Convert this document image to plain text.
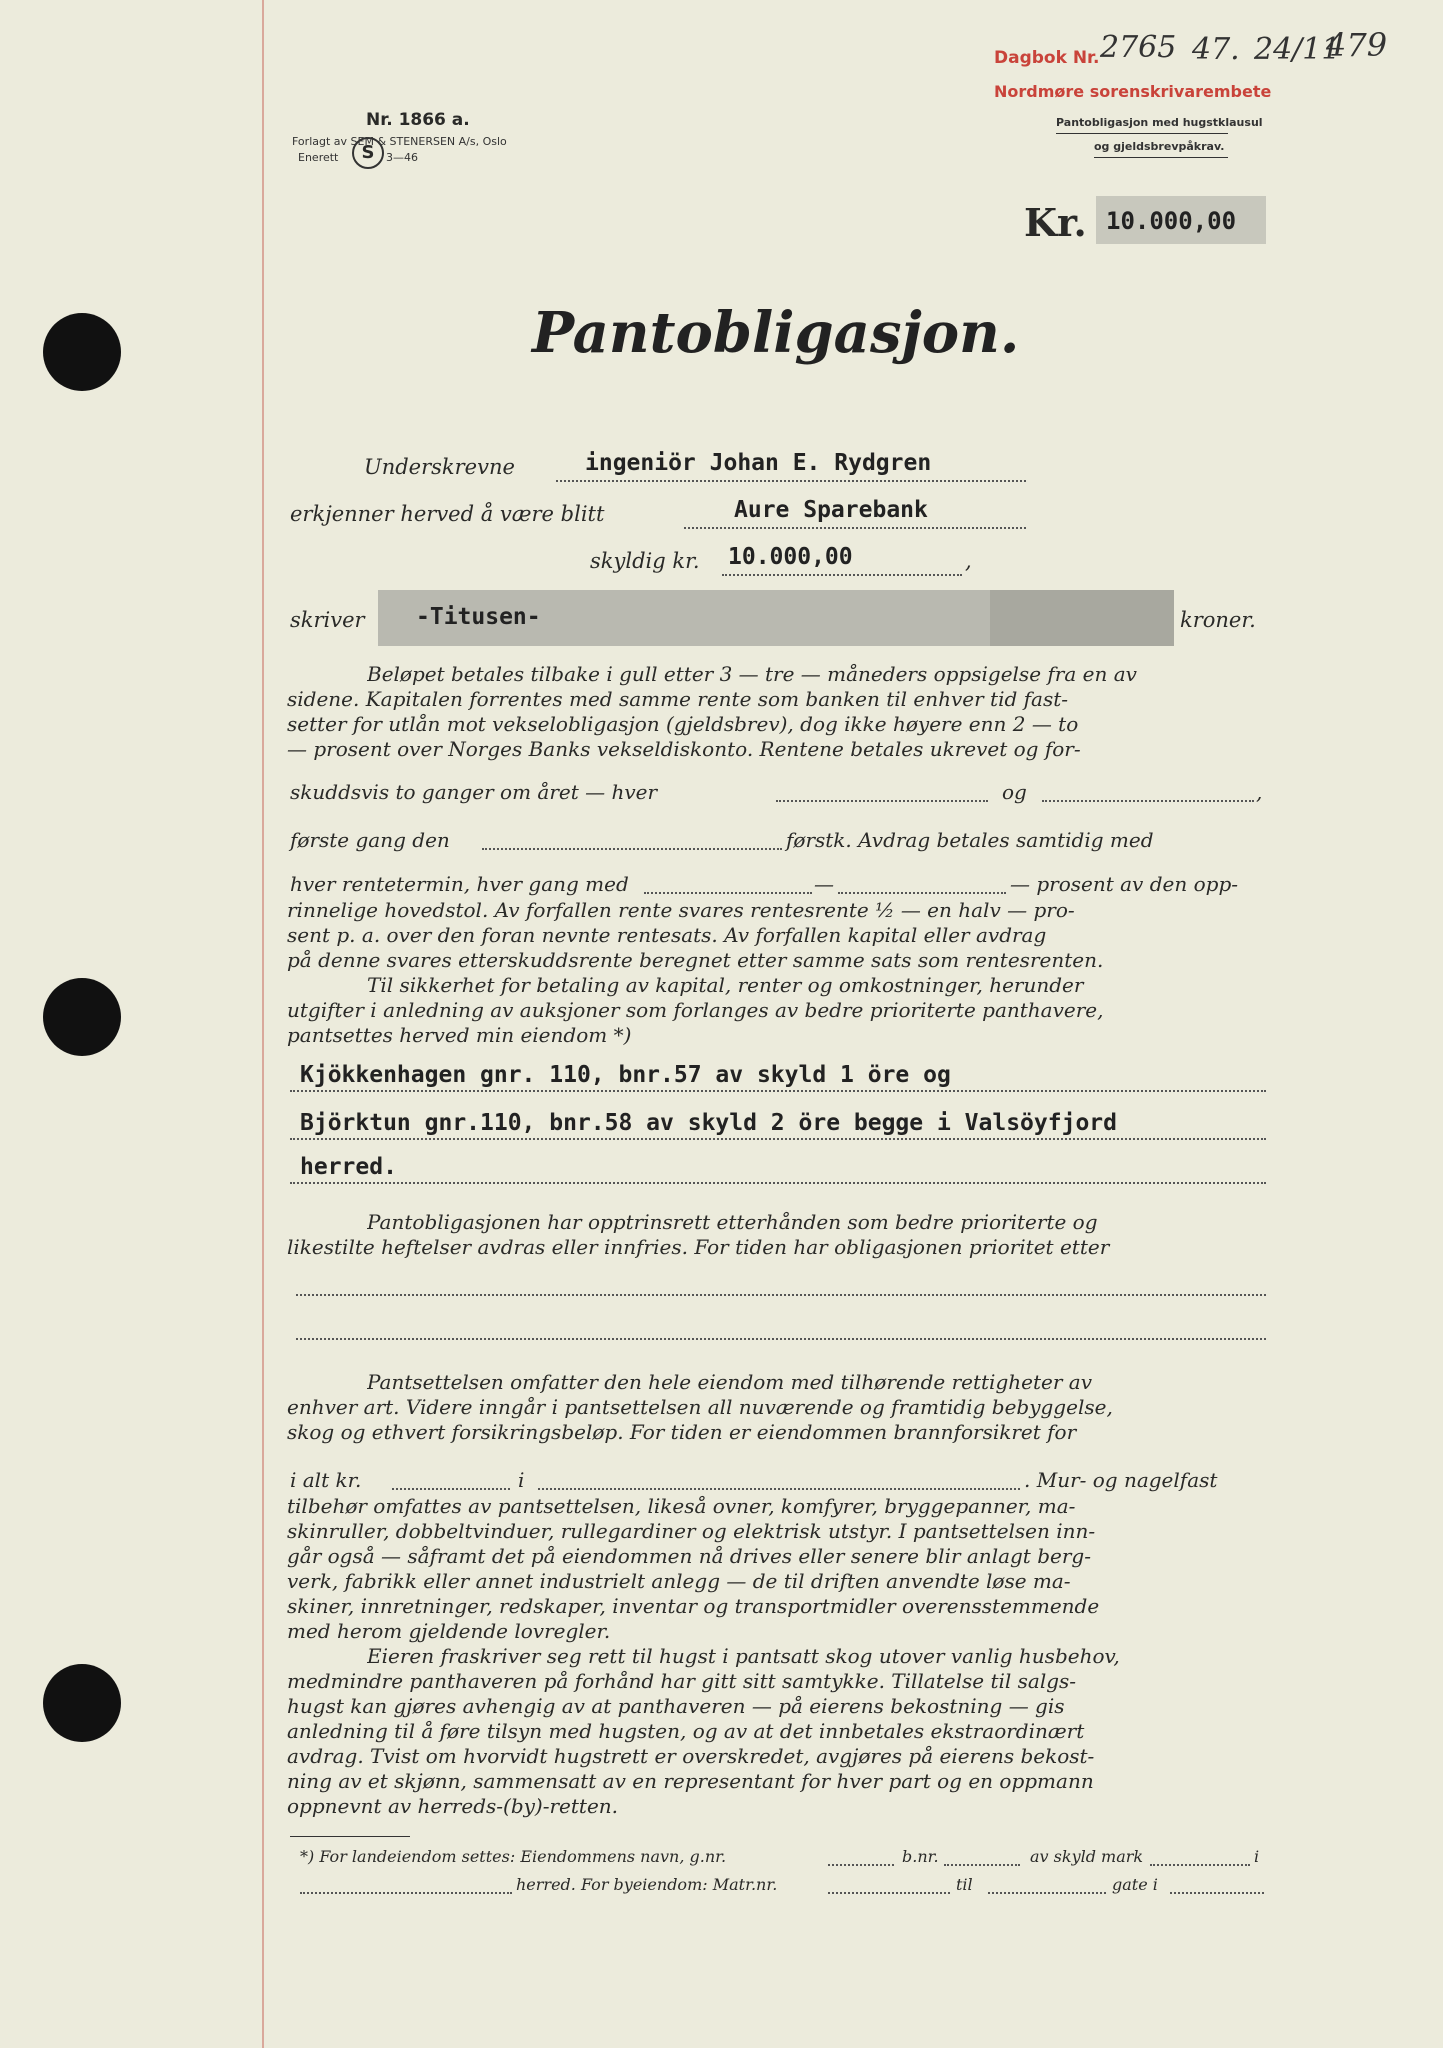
Nr. 1866 a.
Forlagt av SEM & STENERSEN A/s, Oslo
Enerett	S	3—46
Dagbok Nr. 2765 47. 24/11
479
Nordmøre sorenskrivarembete
Pantobligasjon med hugstklausul
og gjeldsbrevpåkrav.
Kr. 10.000,00
Pantobligasjon.
Underskrevne	ingeniör Johan E. Rydgren
erkjenner herved å være blitt	Aure Sparebank
skyldig kr. 10.000,00	,
skriver -Titusen-	kroner.
Beløpet betales tilbake i gull etter 3 — tre — måneders oppsigelse fra en av
sidene. Kapitalen forrentes med samme rente som banken til enhver tid fast-
setter for utlån mot vekselobligasjon (gjeldsbrev), dog ikke høyere enn 2 — to
— prosent over Norges Banks vekseldiskonto. Rentene betales ukrevet og for-
skuddsvis to ganger om året — hver	og	,
første gang den	førstk. Avdrag betales samtidig med
hver rentetermin, hver gang med	—	— prosent av den opp-
rinnelige hovedstol. Av forfallen rente svares rentesrente ½ — en halv — pro-
sent p. a. over den foran nevnte rentesats. Av forfallen kapital eller avdrag
på denne svares etterskuddsrente beregnet etter samme sats som rentesrenten.
Til sikkerhet for betaling av kapital, renter og omkostninger, herunder
utgifter i anledning av auksjoner som forlanges av bedre prioriterte panthavere,
pantsettes herved min eiendom *)
Kjökkenhagen gnr. 110, bnr.57 av skyld 1 öre og
Björktun gnr.110, bnr.58 av skyld 2 öre begge i Valsöyfjord
herred.
Pantobligasjonen har opptrinsrett etterhånden som bedre prioriterte og
likestilte heftelser avdras eller innfries. For tiden har obligasjonen prioritet etter
Pantsettelsen omfatter den hele eiendom med tilhørende rettigheter av
enhver art. Videre inngår i pantsettelsen all nuværende og framtidig bebyggelse,
skog og ethvert forsikringsbeløp. For tiden er eiendommen brannforsikret for
i alt kr.	i	. Mur- og nagelfast
tilbehør omfattes av pantsettelsen, likeså ovner, komfyrer, bryggepanner, ma-
skinruller, dobbeltvinduer, rullegardiner og elektrisk utstyr. I pantsettelsen inn-
går også — såframt det på eiendommen nå drives eller senere blir anlagt berg-
verk, fabrikk eller annet industrielt anlegg — de til driften anvendte løse ma-
skiner, innretninger, redskaper, inventar og transportmidler overensstemmende
med herom gjeldende lovregler.
Eieren fraskriver seg rett til hugst i pantsatt skog utover vanlig husbehov,
medmindre panthaveren på forhånd har gitt sitt samtykke. Tillatelse til salgs-
hugst kan gjøres avhengig av at panthaveren — på eierens bekostning — gis
anledning til å føre tilsyn med hugsten, og av at det innbetales ekstraordinært
avdrag. Tvist om hvorvidt hugstrett er overskredet, avgjøres på eierens bekost-
ning av et skjønn, sammensatt av en representant for hver part og en oppmann
oppnevnt av herreds-(by)-retten.
*) For landeiendom settes: Eiendommens navn, g.nr.	b.nr.	av skyld mark	i
herred. For byeiendom: Matr.nr.	til	gate i
